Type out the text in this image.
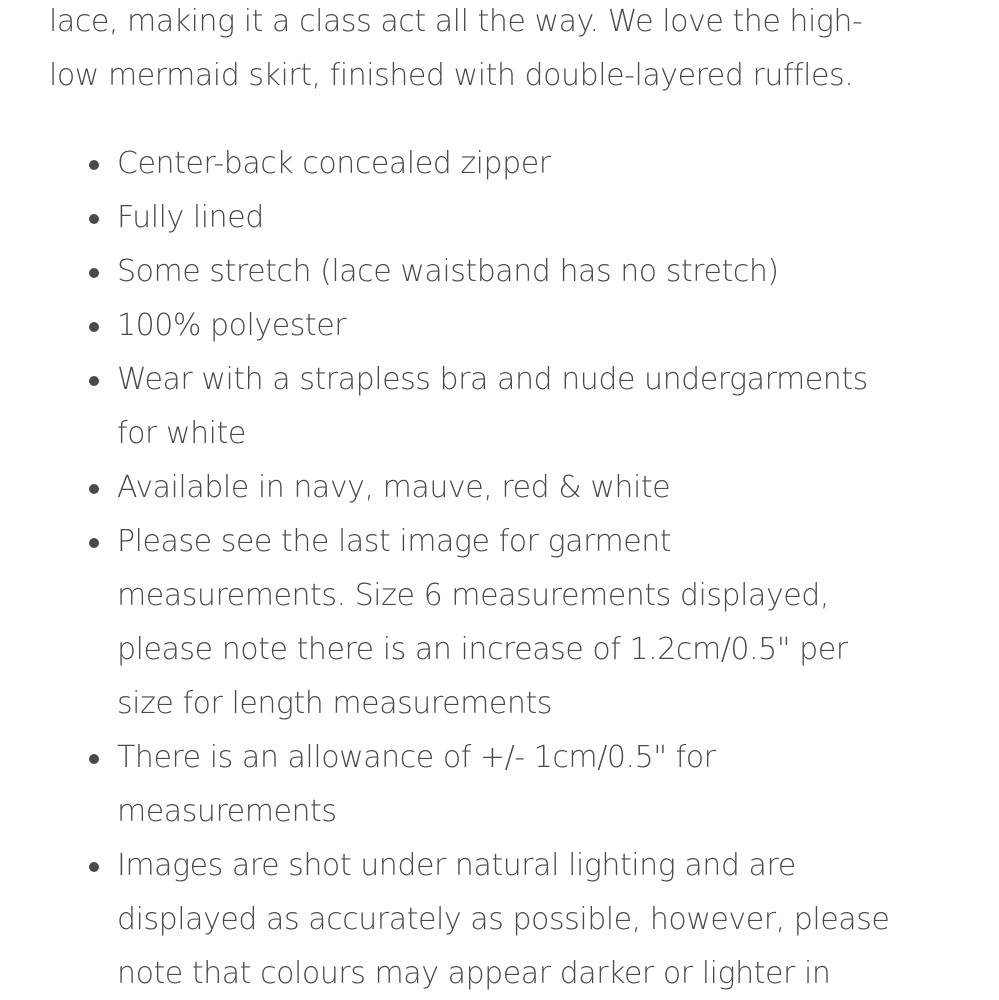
lace, making it a class act all the way. We love the high-
low mermaid skirt, finished with double-layered ruffles.

Center-back concealed zipper
Fully lined
Some stretch (lace waistband has no stretch)
100% polyester
Wear with a strapless bra and nude undergarments
for white
Available in navy, mauve, red & white
Please see the last image for garment
measurements. Size 6 measurements displayed,
please note there is an increase of 1.2cm/0.5" per
size for length measurements
There is an allowance of +/- 1cm/0.5" for
measurements
Images are shot under natural lighting and are
displayed as accurately as possible, however, please
note that colours may appear darker or lighter in
